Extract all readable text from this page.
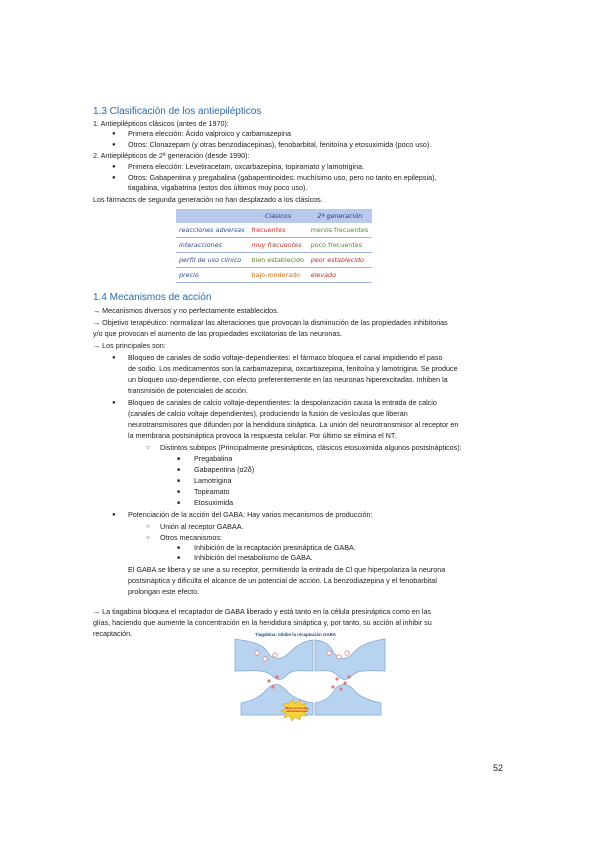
1.3 Clasificación de los antiepilépticos
1. Antiepilépticos clásicos (antes de 1970):
● Primera elección: Ácido valproico y carbamazepina
● Otros: Clonazepam (y otras benzodiacepinas), fenobarbital, fenitoína y etosuximida (poco uso).
2. Antiepilépticos de 2ª generación (desde 1990):
● Primera elección: Levetiracetam, oxcarbazepina, topiramato y lamotrigina.
● Otros: Gabapentina y pregabalina (gabapentinoides: muchísimo uso, pero no tanto en epilepsia),
tiagabina, vigabatrina (estos dos últimos muy poco uso).
Los fármacos de segunda generación no han desplazado a los clásicos.
	Clásicos	2ª generación
reacciones adversas	frecuentes	menos frecuentes
interacciones	muy frecuentes	poco frecuentes
perfil de uso clínico	bien establecido	peor establecido
precio	bajo-moderado	elevado
1.4 Mecanismos de acción
→ Mecanismos diversos y no perfectamente establecidos.
→ Objetivo terapéutico: normalizar las alteraciones que provocan la disminución de las propiedades inhibitorias
y/o que provocan el aumento de las propiedades excitatorias de las neuronas.
→ Los principales son:
● Bloqueo de canales de sodio voltaje-dependientes: el fármaco bloquea el canal impidiendo el paso
de sodio. Los medicamentos son la carbamazepina, oxcarbazepina, fenitoína y lamotrigina. Se produce
un bloqueo uso-dependiente, con efecto preferentemente en las neuronas hiperexcitadas. Inhiben la
transmisión de potenciales de acción.
● Bloqueo de canales de calcio voltaje-dependientes: la despolarización causa la entrada de calcio
(canales de calcio voltaje dependientes), produciendo la fusión de vesículas que liberan
neurotransmisores que difunden por la hendidura sináptica. La unión del neurotransmisor al receptor en
la membrana postsináptica provoca la respuesta celular. Por último se elimina el NT.
○ Distintos subtipos (Principalmente presinápticos, clásicos etosuximida algunos postsinápticos):
■ Pregabalina
■ Gabapentina (α2δ)
■ Lamotrigina
■ Topiramato
■ Etosuximida
● Potenciación de la acción del GABA: Hay varios mecanismos de producción:
○ Unión al receptor GABAA.
○ Otros mecanismos:
■ Inhibición de la recaptación presináptica de GABA.
■ Inhibición del metabolismo de GABA.
El GABA se libera y se une a su receptor, permitiendo la entrada de Cl que hiperpolariza la neurona
postsináptica y dificulta el alcance de un potencial de acción. La benzodiazepina y el fenobarbital
prolongan este efecto.
→ La tiagabina bloquea el recaptador de GABA liberado y está tanto en la célula presináptica como en las
glías, haciendo que aumente la concentración en la hendidura sináptica y, por tanto, su acción al inhibir su
recaptación.	Tiagabina: Inhibe la recaptación GABA
Mayor acción del neurotransmisor
52
